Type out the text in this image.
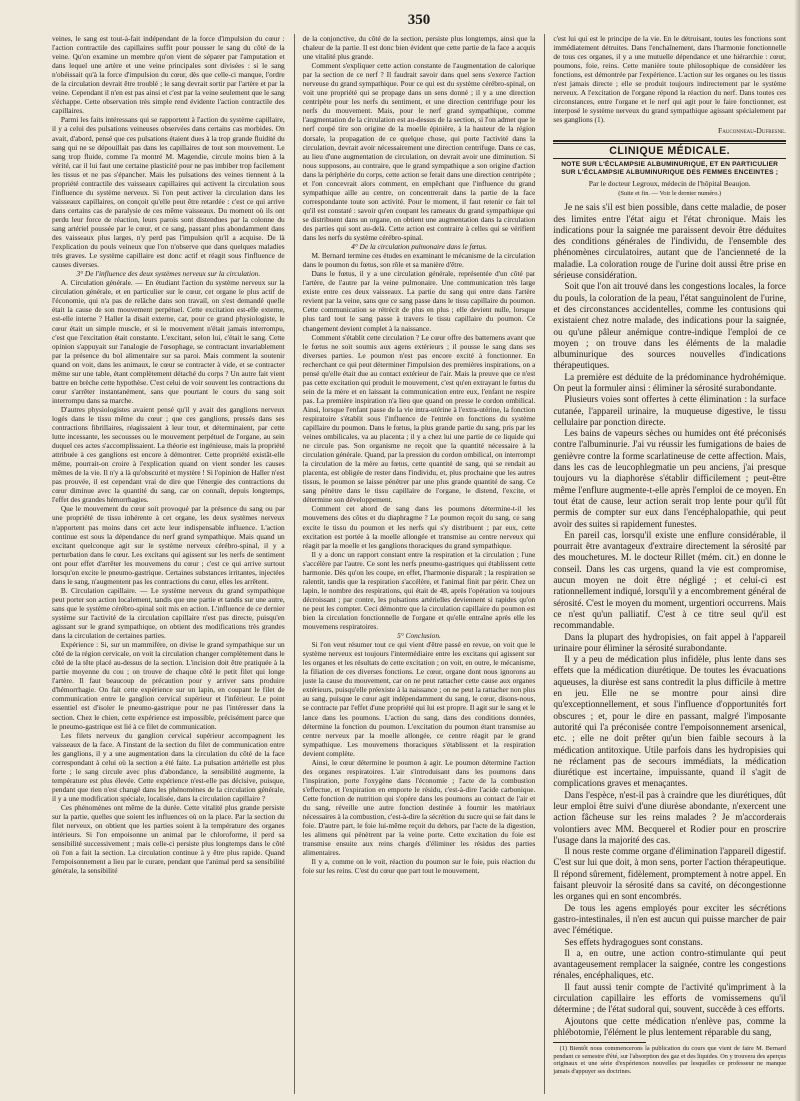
350

veines, le sang est tout-à-fait indépendant de la force d'impulsion du cœur : l'action contractile des capillaires suffit pour pousser le sang du côté de la veine. Qu'on examine un membre qu'on vient de séparer par l'amputation et dans lequel une artère et une veine principales sont divisées : si le sang n'obéissait qu'à la force d'impulsion du cœur, dès que celle-ci manque, l'ordre de la circulation devrait être troublé ; le sang devrait sortir par l'artère et par la veine. Cependant il n'en est pas ainsi et c'est par la veine seulement que le sang s'échappe. Cette observation très simple rend évidente l'action contractile des capillaires.

Parmi les faits intéressans qui se rapportent à l'action du système capillaire, il y a celui des pulsations veineuses observées dans certains cas morbides. On avait, d'abord, pensé que ces pulsations étaient dues à la trop grande fluidité du sang qui ne se dépouillait pas dans les capillaires de tout son mouvement. Le sang trop fluide, comme l'a montré M. Magendie, circule moins bien à la vérité, car il lui faut une certaine plasticité pour ne pas imbiber trop facilement les tissus et ne pas s'épancher. Mais les pulsations des veines tiennent à la propriété contractile des vaisseaux capillaires qui activent la circulation sous l'influence du système nerveux. Si l'on peut activer la circulation dans les vaisseaux capillaires, on conçoit qu'elle peut être retardée : c'est ce qui arrive dans certains cas de paralysie de ces même vaisseaux. Du moment où ils ont perdu leur force de réaction, leurs parois sont distendues par la colonne du sang artériel poussée par le cœur, et ce sang, passant plus abondamment dans des vaisseaux plus larges, n'y perd pas l'impulsion qu'il a acquise. De là l'explication du pouls veineux que l'on n'observe que dans quelques maladies très graves. Le système capillaire est donc actif et réagit sous l'influence de causes diverses.

3° De l'influence des deux systèmes nerveux sur la circulation.

A. Circulation générale. — En étudiant l'action du système nerveux sur la circulation générale, et en particulier sur le cœur, cet organe le plus actif de l'économie, qui n'a pas de relâche dans son travail, on s'est demandé quelle était la cause de son mouvement perpétuel. Cette excitation est-elle externe, est-elle interne ? Haller la disait externe, car, pour ce grand physiologiste, le cœur était un simple muscle, et si le mouvement n'était jamais interrompu, c'est que l'excitation était constante. L'excitant, selon lui, c'était le sang. Cette opinion s'appuyait sur l'analogie de l'œsophage, se contractant invariablement par la présence du bol alimentaire sur sa paroi. Mais comment la soutenir quand on voit, dans les animaux, le cœur se contracter à vide, et se contracter même sur une table, étant complètement détaché du corps ? Un autre fait vient battre en brèche cette hypothèse. C'est celui de voir souvent les contractions du cœur s'arrêter instantanément, sans que pourtant le cours du sang soit interrompu dans sa marche.

D'autres physiologistes avaient pensé qu'il y avait des ganglions nerveux logés dans le tissu même du cœur ; que ces ganglions, pressés dans ses contractions fibrillaires, réagissaient à leur tour, et déterminaient, par cette lutte incessante, les secousses ou le mouvement perpétuel de l'organe, au sein duquel ces actes s'accomplissaient. La théorie est ingénieuse, mais la propriété attribuée à ces ganglions est encore à démontrer. Cette propriété existât-elle même, pourrait-on croire à l'explication quand on vient sonder les causes mêmes de la vie. Il n'y a là qu'obscurité et mystère ! Si l'opinion de Haller n'est pas prouvée, il est cependant vrai de dire que l'énergie des contractions du cœur diminue avec la quantité du sang, car on connaît, depuis longtemps, l'effet des grandes hémorrhagies.

Que le mouvement du cœur soit provoqué par la présence du sang ou par une propriété de tissu inhérente à cet organe, les deux systèmes nerveux n'apportent pas moins dans cet acte leur indispensable influence. L'action continue est sous la dépendance du nerf grand sympathique. Mais quand un excitant quelconque agit sur le système nerveux cérébro-spinal, il y a perturbation dans le cœur. Les excitans qui agissent sur les nerfs de sentiment ont pour effet d'arrêter les mouvemens du cœur ; c'est ce qui arrive surtout lorsqu'on excite le pneumo-gastrique. Certaines substances irritantes, injectées dans le sang, n'augmentent pas les contractions du cœur, elles les arrêtent.

B. Circulation capillaire. — Le système nerveux du grand sympathique peut porter son action localement, tandis que une partie et tandis sur une autre, sans que le système cérébro-spinal soit mis en action. L'influence de ce dernier système sur l'activité de la circulation capillaire n'est pas directe, puisqu'en agissant sur le grand sympathique, on obtient des modifications très grandes dans la circulation de certaines parties.

Expérience : Si, sur un mammifère, on divise le grand sympathique sur un côté de la région cervicale, on voit la circulation changer complètement dans le côté de la tête placé au-dessus de la section. L'incision doit être pratiquée à la partie moyenne du cou ; on trouve de chaque côté le petit filet qui longe l'artère. Il faut beaucoup de précaution pour y arriver sans produire d'hémorrhagie. On fait cette expérience sur un lapin, en coupant le filet de communication entre le ganglion cervical supérieur et l'inférieur. Le point essentiel est d'isoler le pneumo-gastrique pour ne pas l'intéresser dans la section. Chez le chien, cette expérience est impossible, précisément parce que le pneumo-gastrique est lié à ce filet de communication.

Les filets nerveux du ganglion cervical supérieur accompagnent les vaisseaux de la face. A l'instant de la section du filet de communication entre les ganglions, il y a une augmentation dans la circulation du côté de la face correspondant à celui où la section a été faite. La pulsation artérielle est plus forte ; le sang circule avec plus d'abondance, la sensibilité augmente, la température est plus élevée. Cette expérience n'est-elle pas décisive, puisque, pendant que rien n'est changé dans les phénomènes de la circulation générale, il y a une modification spéciale, localisée, dans la circulation capillaire ?

Ces phénomènes ont même de la durée. Cette vitalité plus grande persiste sur la partie, quelles que soient les influences où on la place. Par la section du filet nerveux, on obtient que les parties soient à la température des organes intérieurs. Si l'on empoisonne un animal par le chloroforme, il perd sa sensibilité successivement ; mais celle-ci persiste plus longtemps dans le côté où l'on a fait la section. La circulation continue à y être plus rapide. Quand l'empoisonnement a lieu par le curare, pendant que l'animal perd sa sensibilité générale, la sensibilité

de la conjonctive, du côté de la section, persiste plus longtemps, ainsi que la chaleur de la partie. Il est donc bien évident que cette partie de la face a acquis une vitalité plus grande.

Comment s'expliquer cette action constante de l'augmentation de calorique par la section de ce nerf ? Il faudrait savoir dans quel sens s'exerce l'action nerveuse du grand sympathique. Pour ce qui est du système cérébro-spinal, on voit une propriété qui se propage dans un sens donné ; il y a une direction centripète pour les nerfs du sentiment, et une direction centrifuge pour les nerfs du mouvement. Mais, pour le nerf grand sympathique, comme l'augmentation de la circulation est au-dessus de la section, si l'on admet que le nerf coupé tire son origine de la moelle épinière, à la hauteur de la région dorsale, la propagation de ce quelque chose, qui porte l'activité dans la circulation, devrait avoir nécessairement une direction centrifuge. Dans ce cas, au lieu d'une augmentation de circulation, on devrait avoir une diminution. Si nous supposons, au contraire, que le grand sympathique a son origine d'action dans la périphérie du corps, cette action se ferait dans une direction centripète ; et l'on concevrait alors comment, en empêchant que l'influence du grand sympathique aille au centre, on concentrerait dans la partie de la face correspondante toute son activité. Pour le moment, il faut retenir ce fait tel qu'il est constaté : savoir qu'en coupant les rameaux du grand sympathique qui se distribuent dans un organe, on obtient une augmentation dans la circulation des parties qui sont au-delà. Cette action est contraire à celles qui se vérifient dans les nerfs du système cérébro-spinal.

4° De la circulation pulmonaire dans le fœtus.

M. Bernard termine ces études en examinant le mécanisme de la circulation dans le poumon du fœtus, son rôle et sa manière d'être.

Dans le fœtus, il y a une circulation générale, représentée d'un côté par l'artère, de l'autre par la veine pulmonaire. Une communication très large existe entre ces deux vaisseaux. La partie du sang qui entre dans l'artère revient par la veine, sans que ce sang passe dans le tissu capillaire du poumon. Cette communication se rétrécit de plus en plus ; elle devient nulle, lorsque plus tard tout le sang passe à travers le tissu capillaire du poumon. Ce changement devient complet à la naissance.

Comment s'établit cette circulation ? Le cœur offre des battemens avant que le fœtus ne soit soumis aux agens extérieurs ; il pousse le sang dans ses diverses parties. Le poumon n'est pas encore excité à fonctionner. En recherchant ce qui peut déterminer l'impulsion des premières inspirations, on a pensé qu'elle était due au contact extérieur de l'air. Mais la preuve que ce n'est pas cette excitation qui produit le mouvement, c'est qu'en extrayant le fœtus du sein de la mère et en laissant la communication entre eux, l'enfant ne respire pas. La première inspiration n'a lieu que quand on presse le cordon ombilical. Ainsi, lorsque l'enfant passe de la vie intra-utérine à l'extra-utérine, la fonction respiratoire s'établit sous l'influence de l'entrée en fonctions du système capillaire du poumon. Dans le fœtus, la plus grande partie du sang, pris par les veines ombilicales, va au placenta ; il y a chez lui une partie de ce liquide qui ne circule pas. Son organisme ne reçoit que la quantité nécessaire à la circulation générale. Quand, par la pression du cordon ombilical, on interrompt la circulation de la mère au fœtus, cette quantité de sang, qui se rendait au placenta, est obligée de rester dans l'individu, et, plus prochaine que les autres tissus, le poumon se laisse pénétrer par une plus grande quantité de sang. Ce sang pénètre dans le tissu capillaire de l'organe, le distend, l'excite, et détermine son développement.

Comment cet abord de sang dans les poumons détermine-t-il les mouvemens des côtes et du diaphragme ? Le poumon reçoit du sang, ce sang excite le tissu du poumon et les nerfs qui s'y distribuent ; par eux, cette excitation est portée à la moelle allongée et transmise au centre nerveux qui réagit par la moelle et les ganglions thoraciques du grand sympathique.

Il y a donc un rapport constant entre la respiration et la circulation ; l'une s'accélère par l'autre. Ce sont les nerfs pneumo-gastriques qui établissent cette harmonie. Dès qu'on les coupe, en effet, l'harmonie disparaît ; la respiration se ralentit, tandis que la respiration s'accélère, et l'animal finit par périr. Chez un lapin, le nombre des respirations, qui était de 48, après l'opération va toujours décroissant ; par contre, les pulsations artérielles deviennent si rapides qu'on ne peut les compter. Ceci démontre que la circulation capillaire du poumon est bien la circulation fonctionnelle de l'organe et qu'elle entraîne après elle les mouvemens respiratoires.

5° Conclusion.

Si l'on veut résumer tout ce qui vient d'être passé en revue, on voit que le système nerveux est toujours l'intermédiaire entre les excitans qui agissent sur les organes et les résultats de cette excitation ; on voit, en outre, le mécanisme, la filiation de ces diverses fonctions. Le cœur, organe dont nous ignorons au juste la cause du mouvement, car on ne peut rattacher cette cause aux organes extérieurs, puisqu'elle préexiste à la naissance ; on ne peut la rattacher non plus au sang, puisque le cœur agit indépendamment du sang, le cœur, disons-nous, se contracte par l'effet d'une propriété qui lui est propre. Il agit sur le sang et le lance dans les poumons. L'action du sang, dans des conditions données, détermine la fonction du poumon. L'excitation du poumon étant transmise au centre nerveux par la moelle allongée, ce centre réagit par le grand sympathique. Les mouvemens thoraciques s'établissent et la respiration devient complète.

Ainsi, le cœur détermine le poumon à agir. Le poumon détermine l'action des organes respiratoires. L'air s'introduisant dans les poumons dans l'inspiration, porte l'oxygène dans l'économie ; l'acte de la combustion s'effectue, et l'expiration en emporte le résidu, c'est-à-dire l'acide carbonique. Cette fonction de nutrition qui s'opère dans les poumons au contact de l'air et du sang, réveille une autre fonction destinée à fournir les matériaux nécessaires à la combustion, c'est-à-dire la sécrétion du sucre qui se fait dans le foie. D'autre part, le foie lui-même reçoit du dehors, par l'acte de la digestion, les alimens qui pénètrent par la veine porte. Cette excitation du foie est transmise ensuite aux reins chargés d'éliminer les résidus des parties alimentaires.

Il y a, comme on le voit, réaction du poumon sur le foie, puis réaction du foie sur les reins. C'est du cœur que part tout le mouvement,

c'est lui qui est le principe de la vie. En le détruisant, toutes les fonctions sont immédiatement détruites. Dans l'enchaînement, dans l'harmonie fonctionnelle de tous ces organes, il y a une mutuelle dépendance et une hiérarchie : cœur, poumons, foie, reins. Cette manière toute philosophique de considérer les fonctions, est démontrée par l'expérience. L'action sur les organes ou les tissus n'est jamais directe ; elle se produit toujours indirectement par le système nerveux. A l'excitation de l'organe répond la réaction du nerf. Dans toutes ces circonstances, entre l'organe et le nerf qui agit pour le faire fonctionner, est interposé le système nerveux du grand sympathique agissant spécialement par ses ganglions (1).

Fauconneau-Dufresne.
CLINIQUE MÉDICALE.
NOTE SUR L'ÉCLAMPSIE ALBUMINURIQUE, ET EN PARTICULIER SUR L'ÉCLAMPSIE ALBUMINURIQUE DES FEMMES ENCEINTES ;
Par le docteur Legroux, médecin de l'hôpital Beaujon.
(Suite et fin. — Voir le dernier numéro.)

Je ne sais s'il est bien possible, dans cette maladie, de poser des limites entre l'état aigu et l'état chronique. Mais les indications pour la saignée me paraissent devoir être déduites des conditions générales de l'individu, de l'ensemble des phénomènes circulatoires, autant que de l'ancienneté de la maladie. La coloration rouge de l'urine doit aussi être prise en sérieuse considération.

Soit que l'on ait trouvé dans les congestions locales, la force du pouls, la coloration de la peau, l'état sanguinolent de l'urine, et des circonstances accidentelles, comme les contusions qui existaient chez notre malade, des indications pour la saignée, ou qu'une pâleur anémique contre-indique l'emploi de ce moyen ; on trouve dans les éléments de la maladie albuminurique des sources nouvelles d'indications thérapeutiques.

La première est déduite de la prédominance hydrohémique. On peut la formuler ainsi : éliminer la sérosité surabondante.

Plusieurs voies sont offertes à cette élimination : la surface cutanée, l'appareil urinaire, la muqueuse digestive, le tissu cellulaire par ponction directe.

Les bains de vapeurs sèches ou humides ont été préconisés contre l'albuminurie. J'ai vu réussir les fumigations de baies de genièvre contre la forme scarlatineuse de cette affection. Mais, dans les cas de leucophlegmatie un peu anciens, j'ai presque toujours vu la diaphorèse s'établir difficilement ; peut-être même l'enflure augmente-t-elle après l'emploi de ce moyen. En tout état de cause, leur action serait trop lente pour qu'il fût permis de compter sur eux dans l'encéphalopathie, qui peut avoir des suites si rapidement funestes.

En pareil cas, lorsqu'il existe une enflure considérable, il pourrait être avantageux d'extraire directement la sérosité par des mouchetures. M. le docteur Rillet (mém. cit.) en donne le conseil. Dans les cas urgens, quand la vie est compromise, aucun moyen ne doit être négligé ; et celui-ci est rationnellement indiqué, lorsqu'il y a encombrement général de sérosité. C'est le moyen du moment, urgentiori occurrens. Mais ce n'est qu'un palliatif. C'est à ce titre seul qu'il est recommandable.

Dans la plupart des hydropisies, on fait appel à l'appareil urinaire pour éliminer la sérosité surabondante.

Il y a peu de médication plus infidèle, plus lente dans ses effets que la médication diurétique. De toutes les évacuations aqueuses, la diurèse est sans contredit la plus difficile à mettre en jeu. Elle ne se montre pour ainsi dire qu'exceptionnellement, et sous l'influence d'opportunités fort obscures ; et, pour le dire en passant, malgré l'imposante autorité qui l'a préconisée contre l'empoisonnement arsenical, etc. ; elle ne doit prêter qu'un bien faible secours à la médication antitoxique. Utile parfois dans les hydropisies qui ne réclament pas de secours immédiats, la médication diurétique est incertaine, impuissante, quand il s'agit de complications graves et menaçantes.

Dans l'espèce, n'est-il pas à craindre que les diurétiques, dût leur emploi être suivi d'une diurèse abondante, n'exercent une action fâcheuse sur les reins malades ? Je m'accorderais volontiers avec MM. Becquerel et Rodier pour en proscrire l'usage dans la majorité des cas.

Il nous reste comme organe d'élimination l'appareil digestif. C'est sur lui que doit, à mon sens, porter l'action thérapeutique. Il répond sûrement, fidèlement, promptement à notre appel. En faisant pleuvoir la sérosité dans sa cavité, on décongestionne les organes qui en sont encombrés.

De tous les agens employés pour exciter les sécrétions gastro-intestinales, il n'en est aucun qui puisse marcher de pair avec l'émétique.

Ses effets hydragogues sont constans.

Il a, en outre, une action contro-stimulante qui peut avantageusement remplacer la saignée, contre les congestions rénales, encéphaliques, etc.

Il faut aussi tenir compte de l'activité qu'impriment à la circulation capillaire les efforts de vomissemens qu'il détermine ; de l'état sudoral qui, souvent, succède à ces efforts.

Ajoutons que cette médication n'enlève pas, comme la phlébotomie, l'élément le plus lentement réparable du sang,

(1) Bientôt nous commencerons la publication du cours que vient de faire M. Bernard pendant ce semestre d'été, sur l'absorption des gaz et des liquides. On y trouvera des aperçus originaux et une série d'expériences nouvelles par lesquelles ce professeur ne manque jamais d'appuyer ses doctrines.
